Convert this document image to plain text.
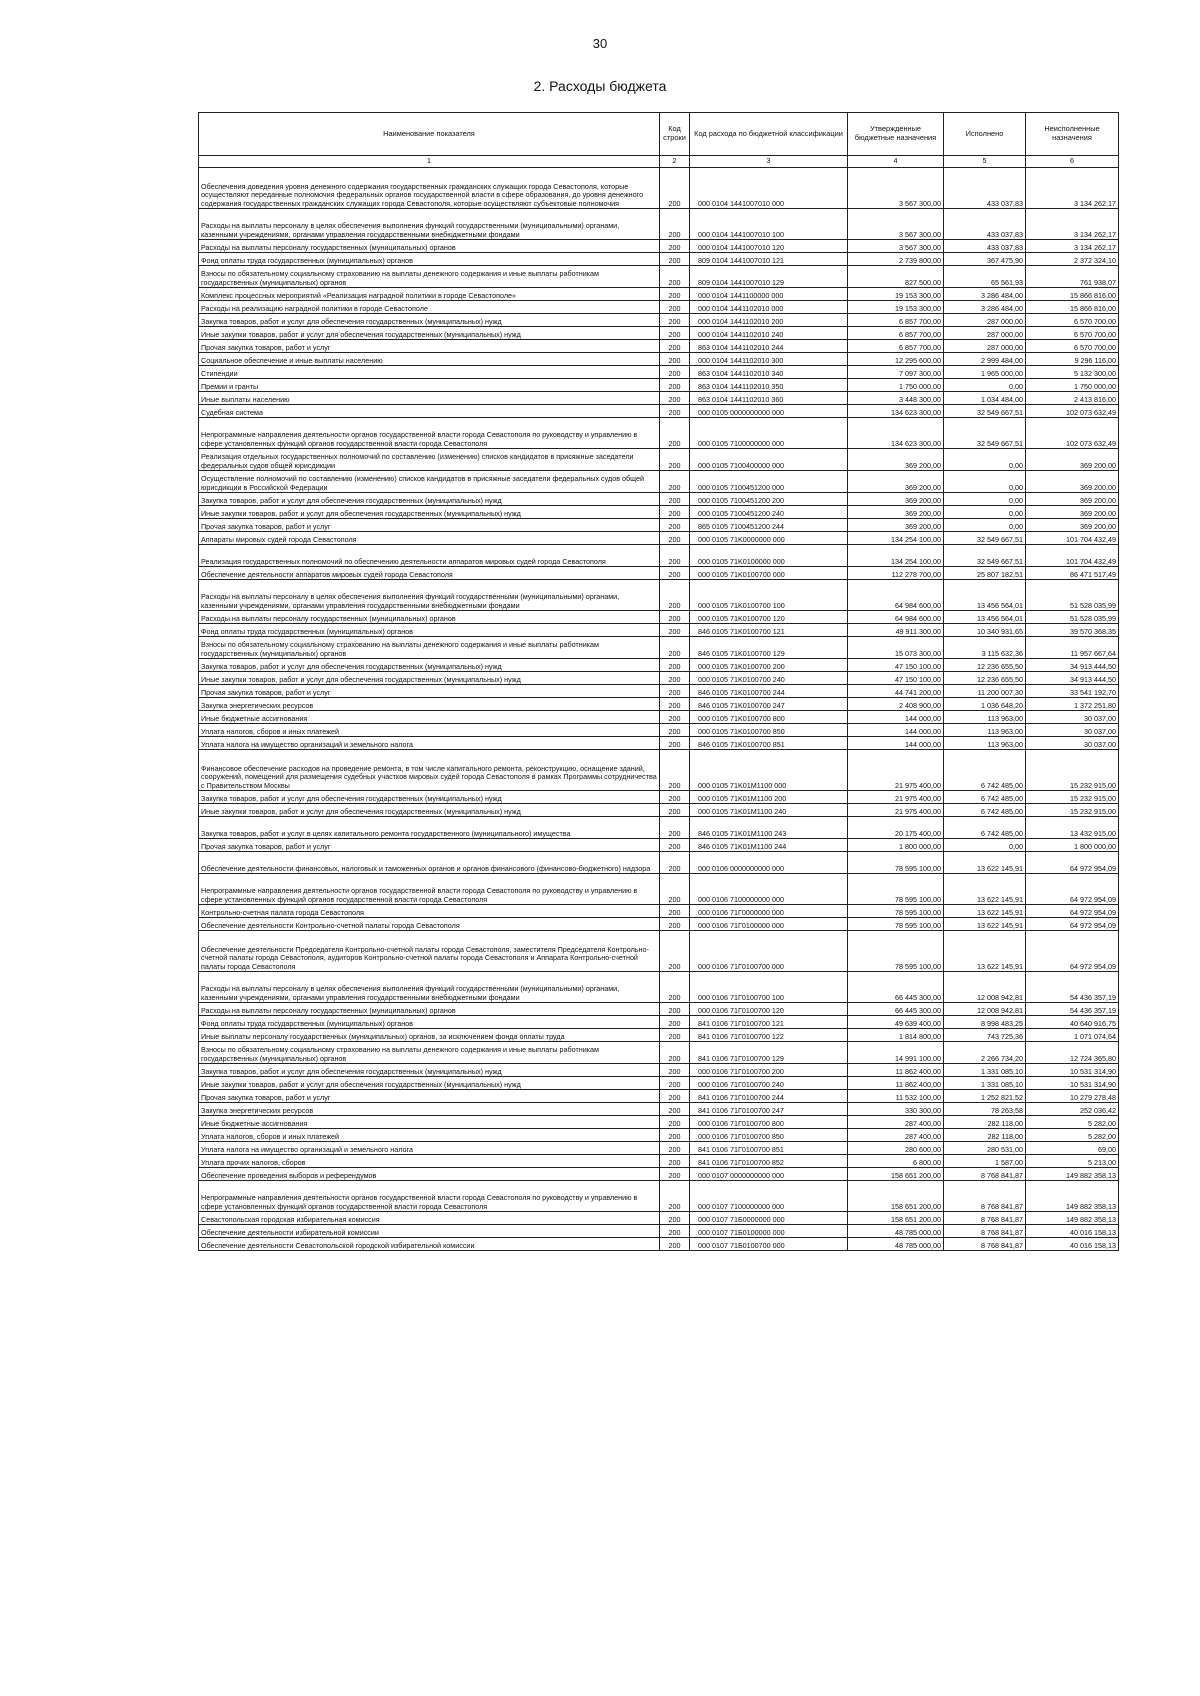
30
2. Расходы бюджета
Наименование показателя	Код строки	Код расхода по бюджетной классификации	Утвержденные бюджетные назначения	Исполнено	Неисполненные назначения
1	2	3	4	5	6
Обеспечения доведения уровня денежного содержания государственных гражданских служащих города Севастополя, которые осуществляют переданные полномочия федеральных органов государственной власти в сфере образования, до уровня денежного содержания государственных гражданских служащих города Севастополя, которые осуществляют субъектовые полномочия	200	000 0104 1441007010 000	3 567 300,00	433 037,83	3 134 262,17
Расходы на выплаты персоналу в целях обеспечения выполнения функций государственными (муниципальными) органами, казенными учреждениями, органами управления государственными внебюджетными фондами	200	000 0104 1441007010 100	3 567 300,00	433 037,83	3 134 262,17
Расходы на выплаты персоналу государственных (муниципальных) органов	200	000 0104 1441007010 120	3 567 300,00	433 037,83	3 134 262,17
Фонд оплаты труда государственных (муниципальных) органов	200	809 0104 1441007010 121	2 739 800,00	367 475,90	2 372 324,10
Взносы по обязательному социальному страхованию на выплаты денежного содержания и иные выплаты работникам государственных (муниципальных) органов	200	809 0104 1441007010 129	827 500,00	65 561,93	761 938,07
Комплекс процессных мероприятий «Реализация наградной политики в городе Севастополе»	200	000 0104 1441100000 000	19 153 300,00	3 286 484,00	15 866 816,00
Расходы на реализацию наградной политики в городе Севастополе	200	000 0104 1441102010 000	19 153 300,00	3 286 484,00	15 866 816,00
Закупка товаров, работ и услуг для обеспечения государственных (муниципальных) нужд	200	000 0104 1441102010 200	6 857 700,00	287 000,00	6 570 700,00
Иные закупки товаров, работ и услуг для обеспечения государственных (муниципальных) нужд	200	000 0104 1441102010 240	6 857 700,00	287 000,00	6 570 700,00
Прочая закупка товаров, работ и услуг	200	863 0104 1441102010 244	6 857 700,00	287 000,00	6 570 700,00
Социальное обеспечение и иные выплаты населению	200	000 0104 1441102010 300	12 295 600,00	2 999 484,00	9 296 116,00
Стипендии	200	863 0104 1441102010 340	7 097 300,00	1 965 000,00	5 132 300,00
Премии и гранты	200	863 0104 1441102010 350	1 750 000,00	0,00	1 750 000,00
Иные выплаты населению	200	863 0104 1441102010 360	3 448 300,00	1 034 484,00	2 413 816,00
Судебная система	200	000 0105 0000000000 000	134 623 300,00	32 549 667,51	102 073 632,49
Непрограммные направления деятельности органов государственной власти города Севастополя по руководству и управлению в сфере установленных функций органов государственной власти города Севастополя	200	000 0105 7100000000 000	134 623 300,00	32 549 667,51	102 073 632,49
Реализация отдельных государственных полномочий по составлению (изменению) списков кандидатов в присяжные заседатели федеральных судов общей юрисдикции	200	000 0105 7100400000 000	369 200,00	0,00	369 200,00
Осуществление полномочий по составлению (изменению) списков кандидатов в присяжные заседатели федеральных судов общей юрисдикции в Российской Федерации	200	000 0105 7100451200 000	369 200,00	0,00	369 200,00
Закупка товаров, работ и услуг для обеспечения государственных (муниципальных) нужд	200	000 0105 7100451200 200	369 200,00	0,00	369 200,00
Иные закупки товаров, работ и услуг для обеспечения государственных (муниципальных) нужд	200	000 0105 7100451200 240	369 200,00	0,00	369 200,00
Прочая закупка товаров, работ и услуг	200	865 0105 7100451200 244	369 200,00	0,00	369 200,00
Аппараты мировых судей города Севастополя	200	000 0105 71K0000000 000	134 254 100,00	32 549 667,51	101 704 432,49
Реализация государственных полномочий по обеспечению деятельности аппаратов мировых судей города Севастополя	200	000 0105 71K0100000 000	134 254 100,00	32 549 667,51	101 704 432,49
Обеспечение деятельности аппаратов мировых судей города Севастополя	200	000 0105 71K0100700 000	112 278 700,00	25 807 182,51	86 471 517,49
Расходы на выплаты персоналу в целях обеспечения выполнения функций государственными (муниципальными) органами, казенными учреждениями, органами управления государственными внебюджетными фондами	200	000 0105 71K0100700 100	64 984 600,00	13 456 564,01	51 528 035,99
Расходы на выплаты персоналу государственных (муниципальных) органов	200	000 0105 71K0100700 120	64 984 600,00	13 456 564,01	51 528 035,99
Фонд оплаты труда государственных (муниципальных) органов	200	846 0105 71K0100700 121	49 911 300,00	10 340 931,65	39 570 368,35
Взносы по обязательному социальному страхованию на выплаты денежного содержания и иные выплаты работникам государственных (муниципальных) органов	200	846 0105 71K0100700 129	15 073 300,00	3 115 632,36	11 957 667,64
Закупка товаров, работ и услуг для обеспечения государственных (муниципальных) нужд	200	000 0105 71K0100700 200	47 150 100,00	12 236 655,50	34 913 444,50
Иные закупки товаров, работ и услуг для обеспечения государственных (муниципальных) нужд	200	000 0105 71K0100700 240	47 150 100,00	12 236 655,50	34 913 444,50
Прочая закупка товаров, работ и услуг	200	846 0105 71K0100700 244	44 741 200,00	11 200 007,30	33 541 192,70
Закупка энергетических ресурсов	200	846 0105 71K0100700 247	2 408 900,00	1 036 648,20	1 372 251,80
Иные бюджетные ассигнования	200	000 0105 71K0100700 800	144 000,00	113 963,00	30 037,00
Уплата налогов, сборов и иных платежей	200	000 0105 71K0100700 850	144 000,00	113 963,00	30 037,00
Уплата налога на имущество организаций и земельного налога	200	846 0105 71K0100700 851	144 000,00	113 963,00	30 037,00
Финансовое обеспечение расходов на проведение ремонта, в том числе капитального ремонта, реконструкцию, оснащение зданий, сооружений, помещений для размещения судебных участков мировых судей города Севастополя в рамках Программы сотрудничества с Правительством Москвы	200	000 0105 71K01M1100 000	21 975 400,00	6 742 485,00	15 232 915,00
Закупка товаров, работ и услуг для обеспечения государственных (муниципальных) нужд	200	000 0105 71K01M1100 200	21 975 400,00	6 742 485,00	15 232 915,00
Иные закупки товаров, работ и услуг для обеспечения государственных (муниципальных) нужд	200	000 0105 71K01M1100 240	21 975 400,00	6 742 485,00	15 232 915,00
Закупка товаров, работ и услуг в целях капитального ремонта государственного (муниципального) имущества	200	846 0105 71K01M1100 243	20 175 400,00	6 742 485,00	13 432 915,00
Прочая закупка товаров, работ и услуг	200	846 0105 71K01M1100 244	1 800 000,00	0,00	1 800 000,00
Обеспечение деятельности финансовых, налоговых и таможенных органов и органов финансового (финансово-бюджетного) надзора	200	000 0106 0000000000 000	78 595 100,00	13 622 145,91	64 972 954,09
Непрограммные направления деятельности органов государственной власти города Севастополя по руководству и управлению в сфере установленных функций органов государственной власти города Севастополя	200	000 0106 7100000000 000	78 595 100,00	13 622 145,91	64 972 954,09
Контрольно-счетная палата города Севастополя	200	000 0106 71Г0000000 000	78 595 100,00	13 622 145,91	64 972 954,09
Обеспечение деятельности Контрольно-счетной палаты города Севастополя	200	000 0106 71Г0100000 000	78 595 100,00	13 622 145,91	64 972 954,09
Обеспечение деятельности Председателя Контрольно-счетной палаты города Севастополя, заместителя Председателя Контрольно-счетной палаты города Севастополя, аудиторов Контрольно-счетной палаты города Севастополя и Аппарата Контрольно-счетной палаты города Севастополя	200	000 0106 71Г0100700 000	78 595 100,00	13 622 145,91	64 972 954,09
Расходы на выплаты персоналу в целях обеспечения выполнения функций государственными (муниципальными) органами, казенными учреждениями, органами управления государственными внебюджетными фондами	200	000 0106 71Г0100700 100	66 445 300,00	12 008 942,81	54 436 357,19
Расходы на выплаты персоналу государственных (муниципальных) органов	200	000 0106 71Г0100700 120	66 445 300,00	12 008 942,81	54 436 357,19
Фонд оплаты труда государственных (муниципальных) органов	200	841 0106 71Г0100700 121	49 639 400,00	8 998 483,25	40 640 916,75
Иные выплаты персоналу государственных (муниципальных) органов, за исключением фонда оплаты труда	200	841 0106 71Г0100700 122	1 814 800,00	743 725,36	1 071 074,64
Взносы по обязательному социальному страхованию на выплаты денежного содержания и иные выплаты работникам государственных (муниципальных) органов	200	841 0106 71Г0100700 129	14 991 100,00	2 266 734,20	12 724 365,80
Закупка товаров, работ и услуг для обеспечения государственных (муниципальных) нужд	200	000 0106 71Г0100700 200	11 862 400,00	1 331 085,10	10 531 314,90
Иные закупки товаров, работ и услуг для обеспечения государственных (муниципальных) нужд	200	000 0106 71Г0100700 240	11 862 400,00	1 331 085,10	10 531 314,90
Прочая закупка товаров, работ и услуг	200	841 0106 71Г0100700 244	11 532 100,00	1 252 821,52	10 279 278,48
Закупка энергетических ресурсов	200	841 0106 71Г0100700 247	330 300,00	78 263,58	252 036,42
Иные бюджетные ассигнования	200	000 0106 71Г0100700 800	287 400,00	282 118,00	5 282,00
Уплата налогов, сборов и иных платежей	200	000 0106 71Г0100700 850	287 400,00	282 118,00	5 282,00
Уплата налога на имущество организаций и земельного налога	200	841 0106 71Г0100700 851	280 600,00	280 531,00	69,00
Уплата прочих налогов, сборов	200	841 0106 71Г0100700 852	6 800,00	1 587,00	5 213,00
Обеспечение проведения выборов и референдумов	200	000 0107 0000000000 000	158 651 200,00	8 768 841,87	149 882 358,13
Непрограммные направления деятельности органов государственной власти города Севастополя по руководству и управлению в сфере установленных функций органов государственной власти города Севастополя	200	000 0107 7100000000 000	158 651 200,00	8 768 841,87	149 882 358,13
Севастопольская городская избирательная комиссия	200	000 0107 71Б0000000 000	158 651 200,00	8 768 841,87	149 882 358,13
Обеспечение деятельности избирательной комиссии	200	000 0107 71Б0100000 000	48 785 000,00	8 768 841,87	40 016 158,13
Обеспечение деятельности Севастопольской городской избирательной комиссии	200	000 0107 71Б0100700 000	48 785 000,00	8 768 841,87	40 016 158,13
